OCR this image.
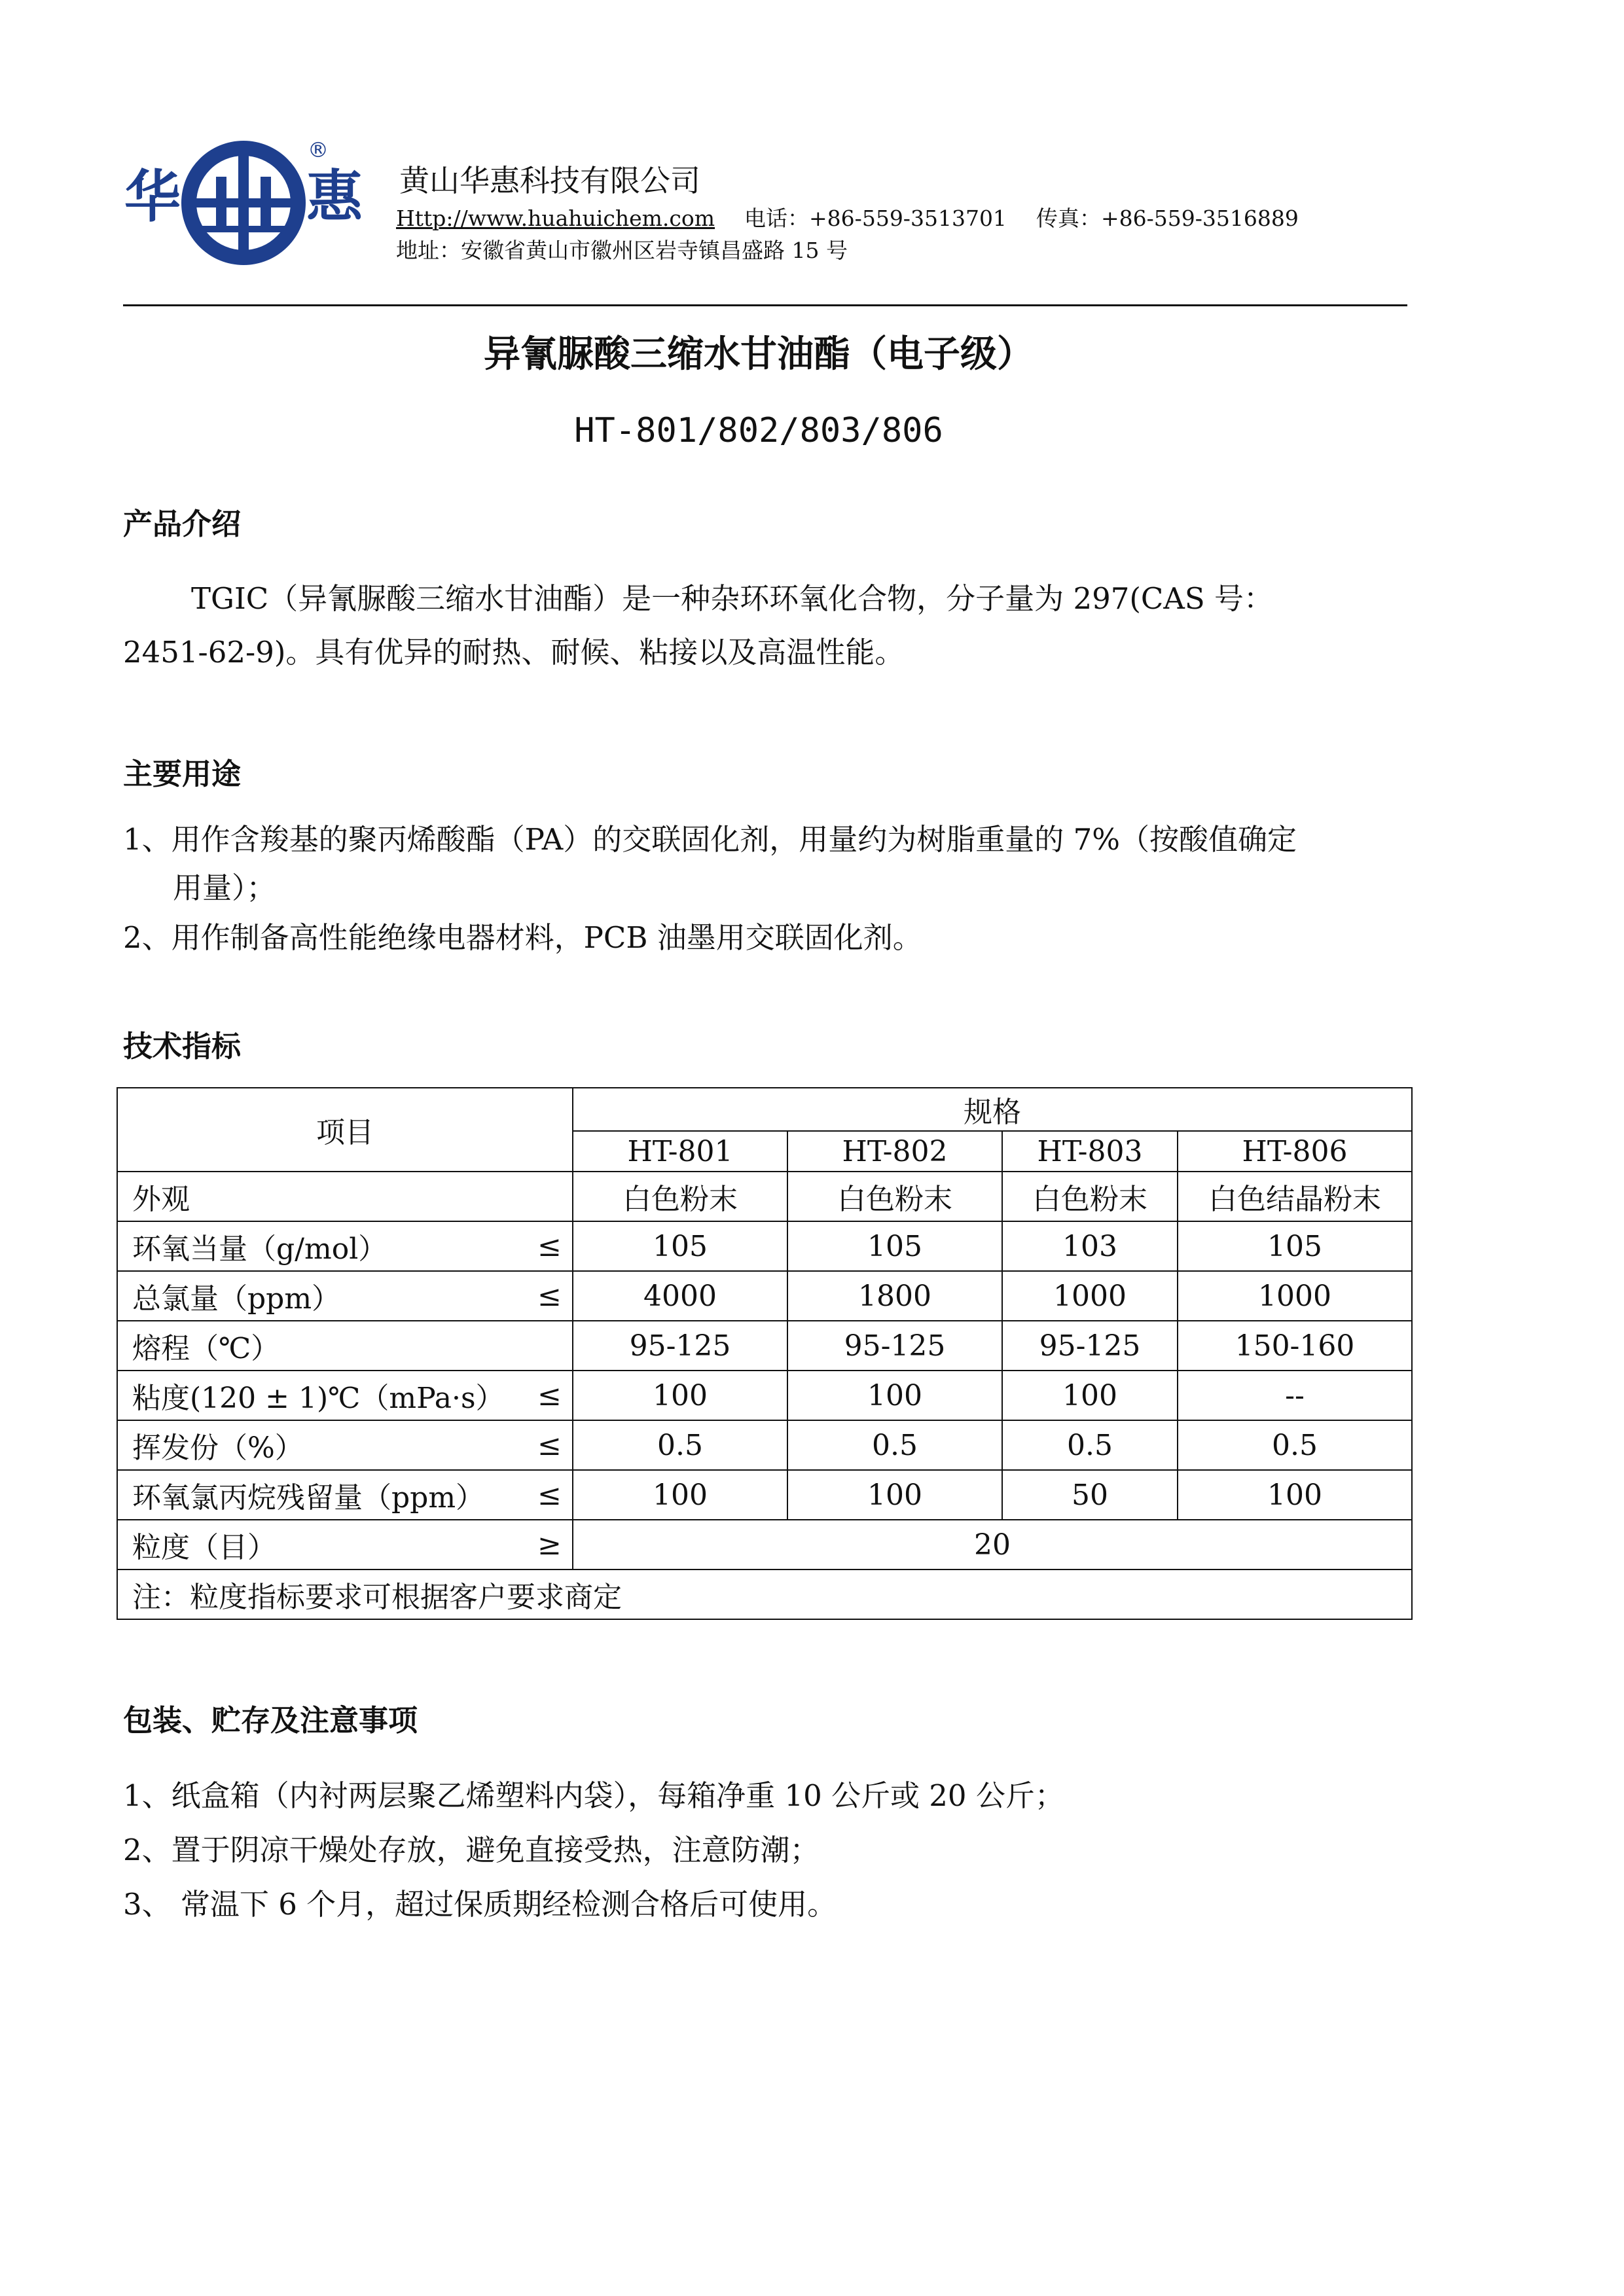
华 惠
®
黄山华惠科技有限公司
Http://www.huahuichem.com 电话：+86-559-3513701 传真：+86-559-3516889
地址：安徽省黄山市徽州区岩寺镇昌盛路 15 号
异氰脲酸三缩水甘油酯（电子级）
HT-801/802/803/806
产品介绍
TGIC（异氰脲酸三缩水甘油酯）是一种杂环环氧化合物，分子量为 297(CAS 号：
2451-62-9)。具有优异的耐热、耐候、粘接以及高温性能。
主要用途
1、用作含羧基的聚丙烯酸酯（PA）的交联固化剂，用量约为树脂重量的 7%（按酸值确定
用量）；
2、用作制备高性能绝缘电器材料，PCB 油墨用交联固化剂。
技术指标
项目	规格			
	HT-801	HT-802	HT-803	HT-806

外观	白色粉末	白色粉末	白色粉末	白色结晶粉末

环氧当量（g/mol） ≤	105	105	103	105

总氯量（ppm） ≤	4000	1800	1000	1000

熔程（℃）	95-125	95-125	95-125	150-160

粘度(120 ± 1)℃（mPa·s） ≤	100	100	100	--

挥发份（%） ≤	0.5	0.5	0.5	0.5

环氧氯丙烷残留量（ppm） ≤	100	100	50	100

粒度（目） ≥	20			
注：粒度指标要求可根据客户要求商定				
包装、贮存及注意事项
1、纸盒箱（内衬两层聚乙烯塑料内袋），每箱净重 10 公斤或 20 公斤；
2、置于阴凉干燥处存放，避免直接受热，注意防潮；
3、 常温下 6 个月，超过保质期经检测合格后可使用。
